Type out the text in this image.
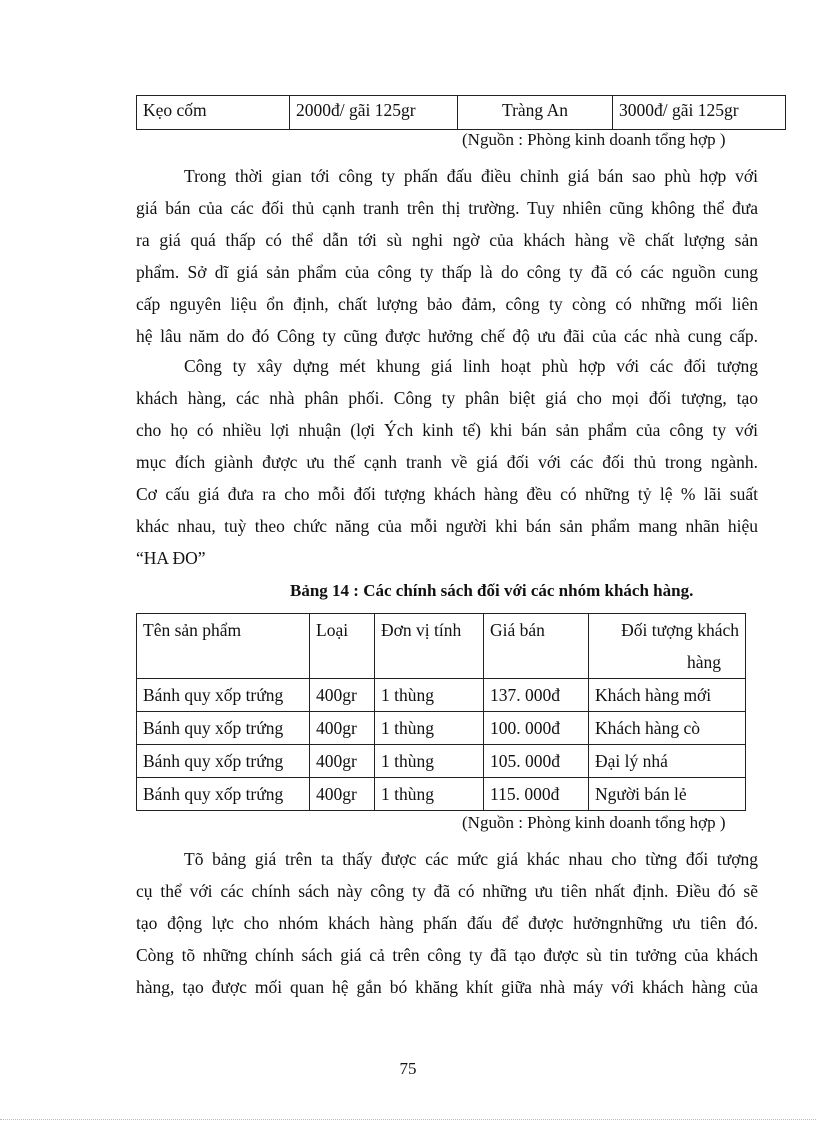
Kẹo cốm	2000đ/ gãi 125gr	Tràng An	3000đ/ gãi 125gr
(Nguồn : Phòng kinh doanh tổng hợp )
Trong thời gian tới công ty phấn đấu điều chỉnh giá bán sao phù hợp với
giá bán của các đối thủ cạnh tranh trên thị trường. Tuy nhiên cũng không thể đưa
ra giá quá thấp có thể dẫn tới sù nghi ngờ của khách hàng về chất lượng sản
phẩm. Sở dĩ giá sản phẩm của công ty thấp là do công ty đã có các nguồn cung
cấp nguyên liệu ổn định, chất lượng bảo đảm, công ty còng có những mối liên
hệ lâu năm do đó Công ty cũng được hưởng chế độ ưu đãi của các nhà cung cấp.
Công ty xây dựng mét khung giá linh hoạt phù hợp với các đối tượng
khách hàng, các nhà phân phối. Công ty phân biệt giá cho mọi đối tượng, tạo
cho họ có nhiều lợi nhuận (lợi Ých kinh tế) khi bán sản phẩm của công ty với
mục đích giành được ưu thế cạnh tranh về giá đối với các đối thủ trong ngành.
Cơ cấu giá đưa ra cho mỗi đối tượng khách hàng đều có những tỷ lệ % lãi suất
khác nhau, tuỳ theo chức năng của mỗi người khi bán sản phẩm mang nhãn hiệu
“HA ĐO”
Bảng 14 : Các chính sách đối với các nhóm khách hàng.
Tên sản phẩm	Loại	Đơn vị tính	Giá bán	Đối tượng khách
hàng

Bánh quy xốp trứng	400gr	1 thùng	137. 000đ	Khách hàng mới
Bánh quy xốp trứng	400gr	1 thùng	100. 000đ	Khách hàng cò
Bánh quy xốp trứng	400gr	1 thùng	105. 000đ	Đại lý nhá
Bánh quy xốp trứng	400gr	1 thùng	115. 000đ	Người bán lẻ
(Nguồn : Phòng kinh doanh tổng hợp )
Tõ bảng giá trên ta thấy được các mức giá khác nhau cho từng đối tượng
cụ thể với các chính sách này công ty đã có những ưu tiên nhất định. Điều đó sẽ
tạo động lực cho nhóm khách hàng phấn đấu để được hưởngnhững ưu tiên đó.
Còng tõ những chính sách giá cả trên công ty đã tạo được sù tin tưởng của khách
hàng, tạo được mối quan hệ gắn bó khăng khít giữa nhà máy với khách hàng của
75
